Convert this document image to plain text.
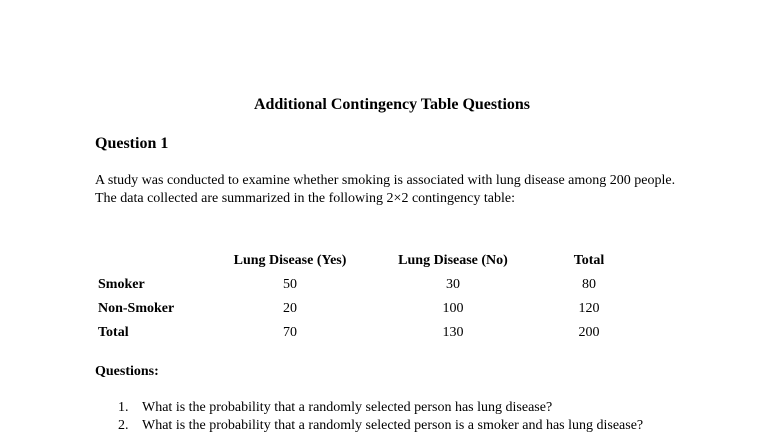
Additional Contingency Table Questions
Question 1

A study was conducted to examine whether smoking is associated with lung disease among 200 people.

The data collected are summarized in the following 2×2 contingency table:

	Lung Disease (Yes)	Lung Disease (No)	Total
Smoker	50	30	80
Non-Smoker	20	100	120
Total	70	130	200
Questions:
1. What is the probability that a randomly selected person has lung disease?
2. What is the probability that a randomly selected person is a smoker and has lung disease?
